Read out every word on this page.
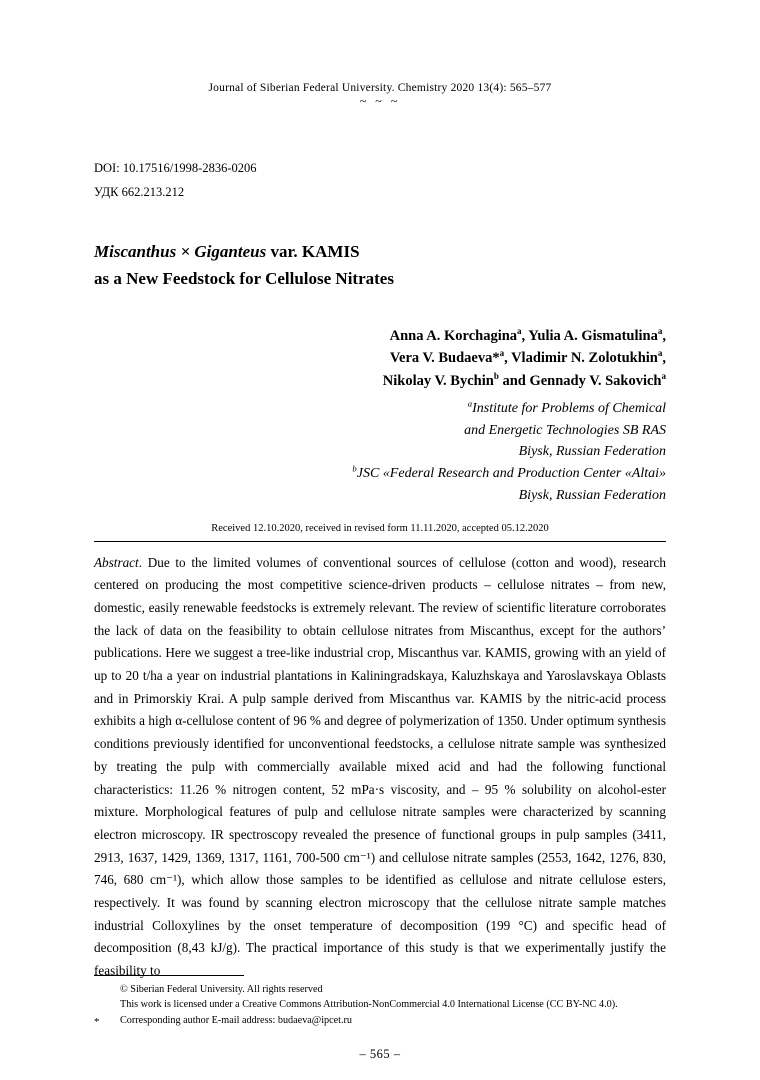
Journal of Siberian Federal University. Chemistry 2020 13(4): 565–577
~ ~ ~
DOI: 10.17516/1998-2836-0206
УДК 662.213.212
Miscanthus × Giganteus var. KAMIS
as a New Feedstock for Cellulose Nitrates
Anna A. Korchagina$^a$, Yulia A. Gismatulina$^a$,
Vera V. Budaeva*$^a$, Vladimir N. Zolotukhin$^a$,
Nikolay V. Bychin$^b$ and Gennady V. Sakovich$^a$
$^a$Institute for Problems of Chemical
and Energetic Technologies SB RAS
Biysk, Russian Federation
$^b$JSC «Federal Research and Production Center «Altai»
Biysk, Russian Federation
Received 12.10.2020, received in revised form 11.11.2020, accepted 05.12.2020
Abstract. Due to the limited volumes of conventional sources of cellulose (cotton and wood), research centered on producing the most competitive science-driven products – cellulose nitrates – from new, domestic, easily renewable feedstocks is extremely relevant. The review of scientific literature corroborates the lack of data on the feasibility to obtain cellulose nitrates from Miscanthus, except for the authors’ publications. Here we suggest a tree-like industrial crop, Miscanthus var. KAMIS, growing with an yield of up to 20 t/ha a year on industrial plantations in Kaliningradskaya, Kaluzhskaya and Yaroslavskaya Oblasts and in Primorskiy Krai. A pulp sample derived from Miscanthus var. KAMIS by the nitric-acid process exhibits a high α-cellulose content of 96 % and degree of polymerization of 1350. Under optimum synthesis conditions previously identified for unconventional feedstocks, a cellulose nitrate sample was synthesized by treating the pulp with commercially available mixed acid and had the following functional characteristics: 11.26 % nitrogen content, 52 mPa·s viscosity, and – 95 % solubility on alcohol-ester mixture. Morphological features of pulp and cellulose nitrate samples were characterized by scanning electron microscopy. IR spectroscopy revealed the presence of functional groups in pulp samples (3411, 2913, 1637, 1429, 1369, 1317, 1161, 700-500 cm⁻¹) and cellulose nitrate samples (2553, 1642, 1276, 830, 746, 680 cm⁻¹), which allow those samples to be identified as cellulose and nitrate cellulose esters, respectively. It was found by scanning electron microscopy that the cellulose nitrate sample matches industrial Colloxylines by the onset temperature of decomposition (199 °C) and specific head of decomposition (8,43 kJ/g). The practical importance of this study is that we experimentally justify the feasibility to
© Siberian Federal University. All rights reserved
This work is licensed under a Creative Commons Attribution-NonCommercial 4.0 International License (CC BY-NC 4.0).
* Corresponding author E-mail address: budaeva@ipcet.ru
– 565 –
